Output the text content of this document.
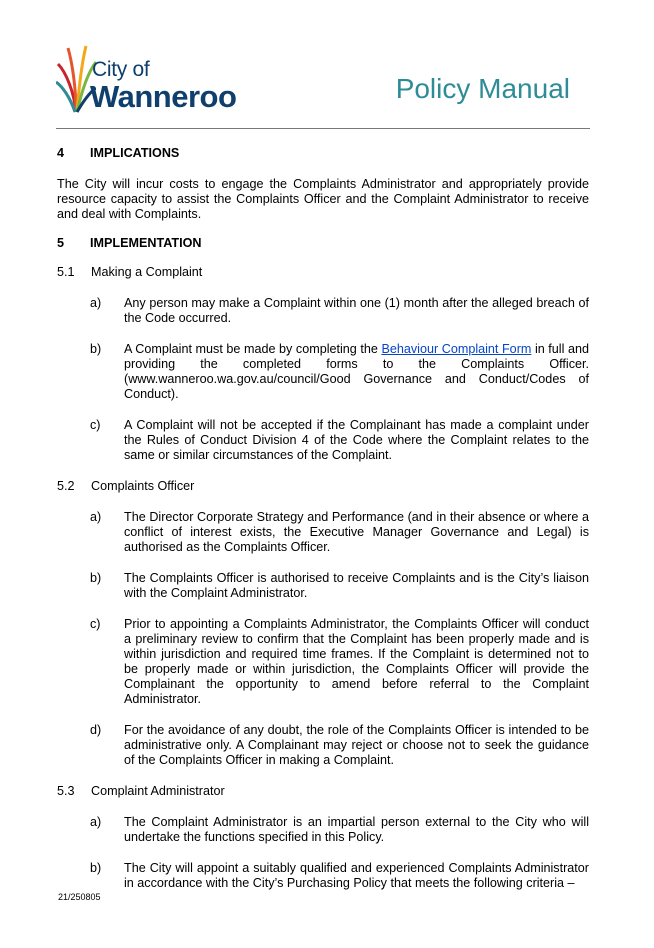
City of
Wanneroo	Policy Manual
4	IMPLICATIONS

The City will incur costs to engage the Complaints Administrator and appropriately provide resource capacity to assist the Complaints Officer and the Complaint Administrator to receive and deal with Complaints.

5	IMPLEMENTATION
5.1	Making a Complaint
a)	Any person may make a Complaint within one (1) month after the alleged breach of the Code occurred.
b)	A Complaint must be made by completing the Behaviour Complaint Form in full and providing the completed forms to the Complaints Officer. (www.wanneroo.wa.gov.au/council/Good Governance and Conduct/Codes of Conduct).
c)	A Complaint will not be accepted if the Complainant has made a complaint under the Rules of Conduct Division 4 of the Code where the Complaint relates to the same or similar circumstances of the Complaint.
5.2	Complaints Officer
a)	The Director Corporate Strategy and Performance (and in their absence or where a conflict of interest exists, the Executive Manager Governance and Legal) is authorised as the Complaints Officer.
b)	The Complaints Officer is authorised to receive Complaints and is the City’s liaison with the Complaint Administrator.
c)	Prior to appointing a Complaints Administrator, the Complaints Officer will conduct a preliminary review to confirm that the Complaint has been properly made and is within jurisdiction and required time frames. If the Complaint is determined not to be properly made or within jurisdiction, the Complaints Officer will provide the Complainant the opportunity to amend before referral to the Complaint Administrator.
d)	For the avoidance of any doubt, the role of the Complaints Officer is intended to be administrative only. A Complainant may reject or choose not to seek the guidance of the Complaints Officer in making a Complaint.
5.3	Complaint Administrator
a)	The Complaint Administrator is an impartial person external to the City who will undertake the functions specified in this Policy.
b)	The City will appoint a suitably qualified and experienced Complaints Administrator in accordance with the City’s Purchasing Policy that meets the following criteria –
21/250805
